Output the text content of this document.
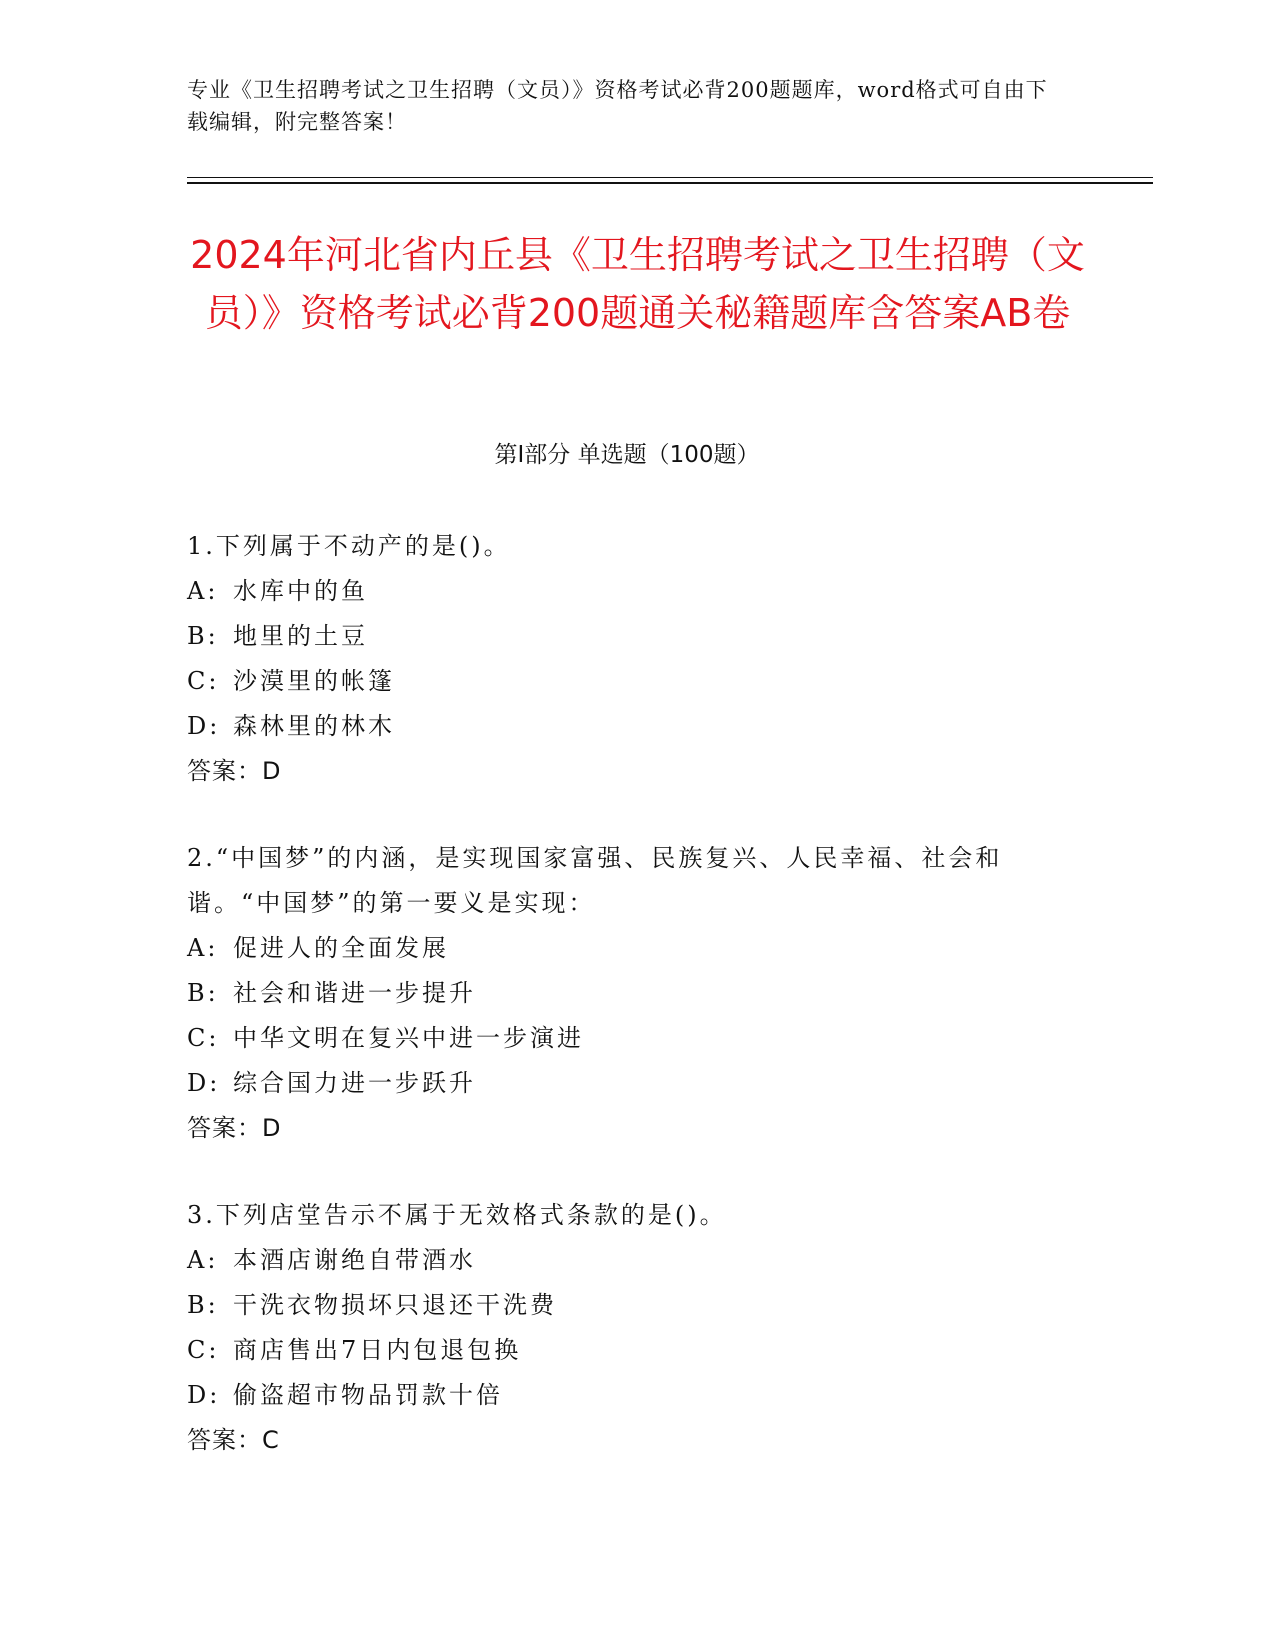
专业《卫生招聘考试之卫生招聘（文员）》资格考试必背200题题库，word格式可自由下载编辑，附完整答案！
2024年河北省内丘县《卫生招聘考试之卫生招聘（文员）》资格考试必背200题通关秘籍题库含答案AB卷
第Ⅰ部分 单选题（100题）

1.下列属于不动产的是()。

A: 水库中的鱼
B: 地里的土豆
C: 沙漠里的帐篷
D: 森林里的林木
答案：D

2.“中国梦”的内涵，是实现国家富强、民族复兴、人民幸福、社会和谐。“中国梦”的第一要义是实现：

A: 促进人的全面发展
B: 社会和谐进一步提升
C: 中华文明在复兴中进一步演进
D: 综合国力进一步跃升
答案：D

3.下列店堂告示不属于无效格式条款的是()。

A: 本酒店谢绝自带酒水
B: 干洗衣物损坏只退还干洗费
C: 商店售出7日内包退包换
D: 偷盗超市物品罚款十倍
答案：C
